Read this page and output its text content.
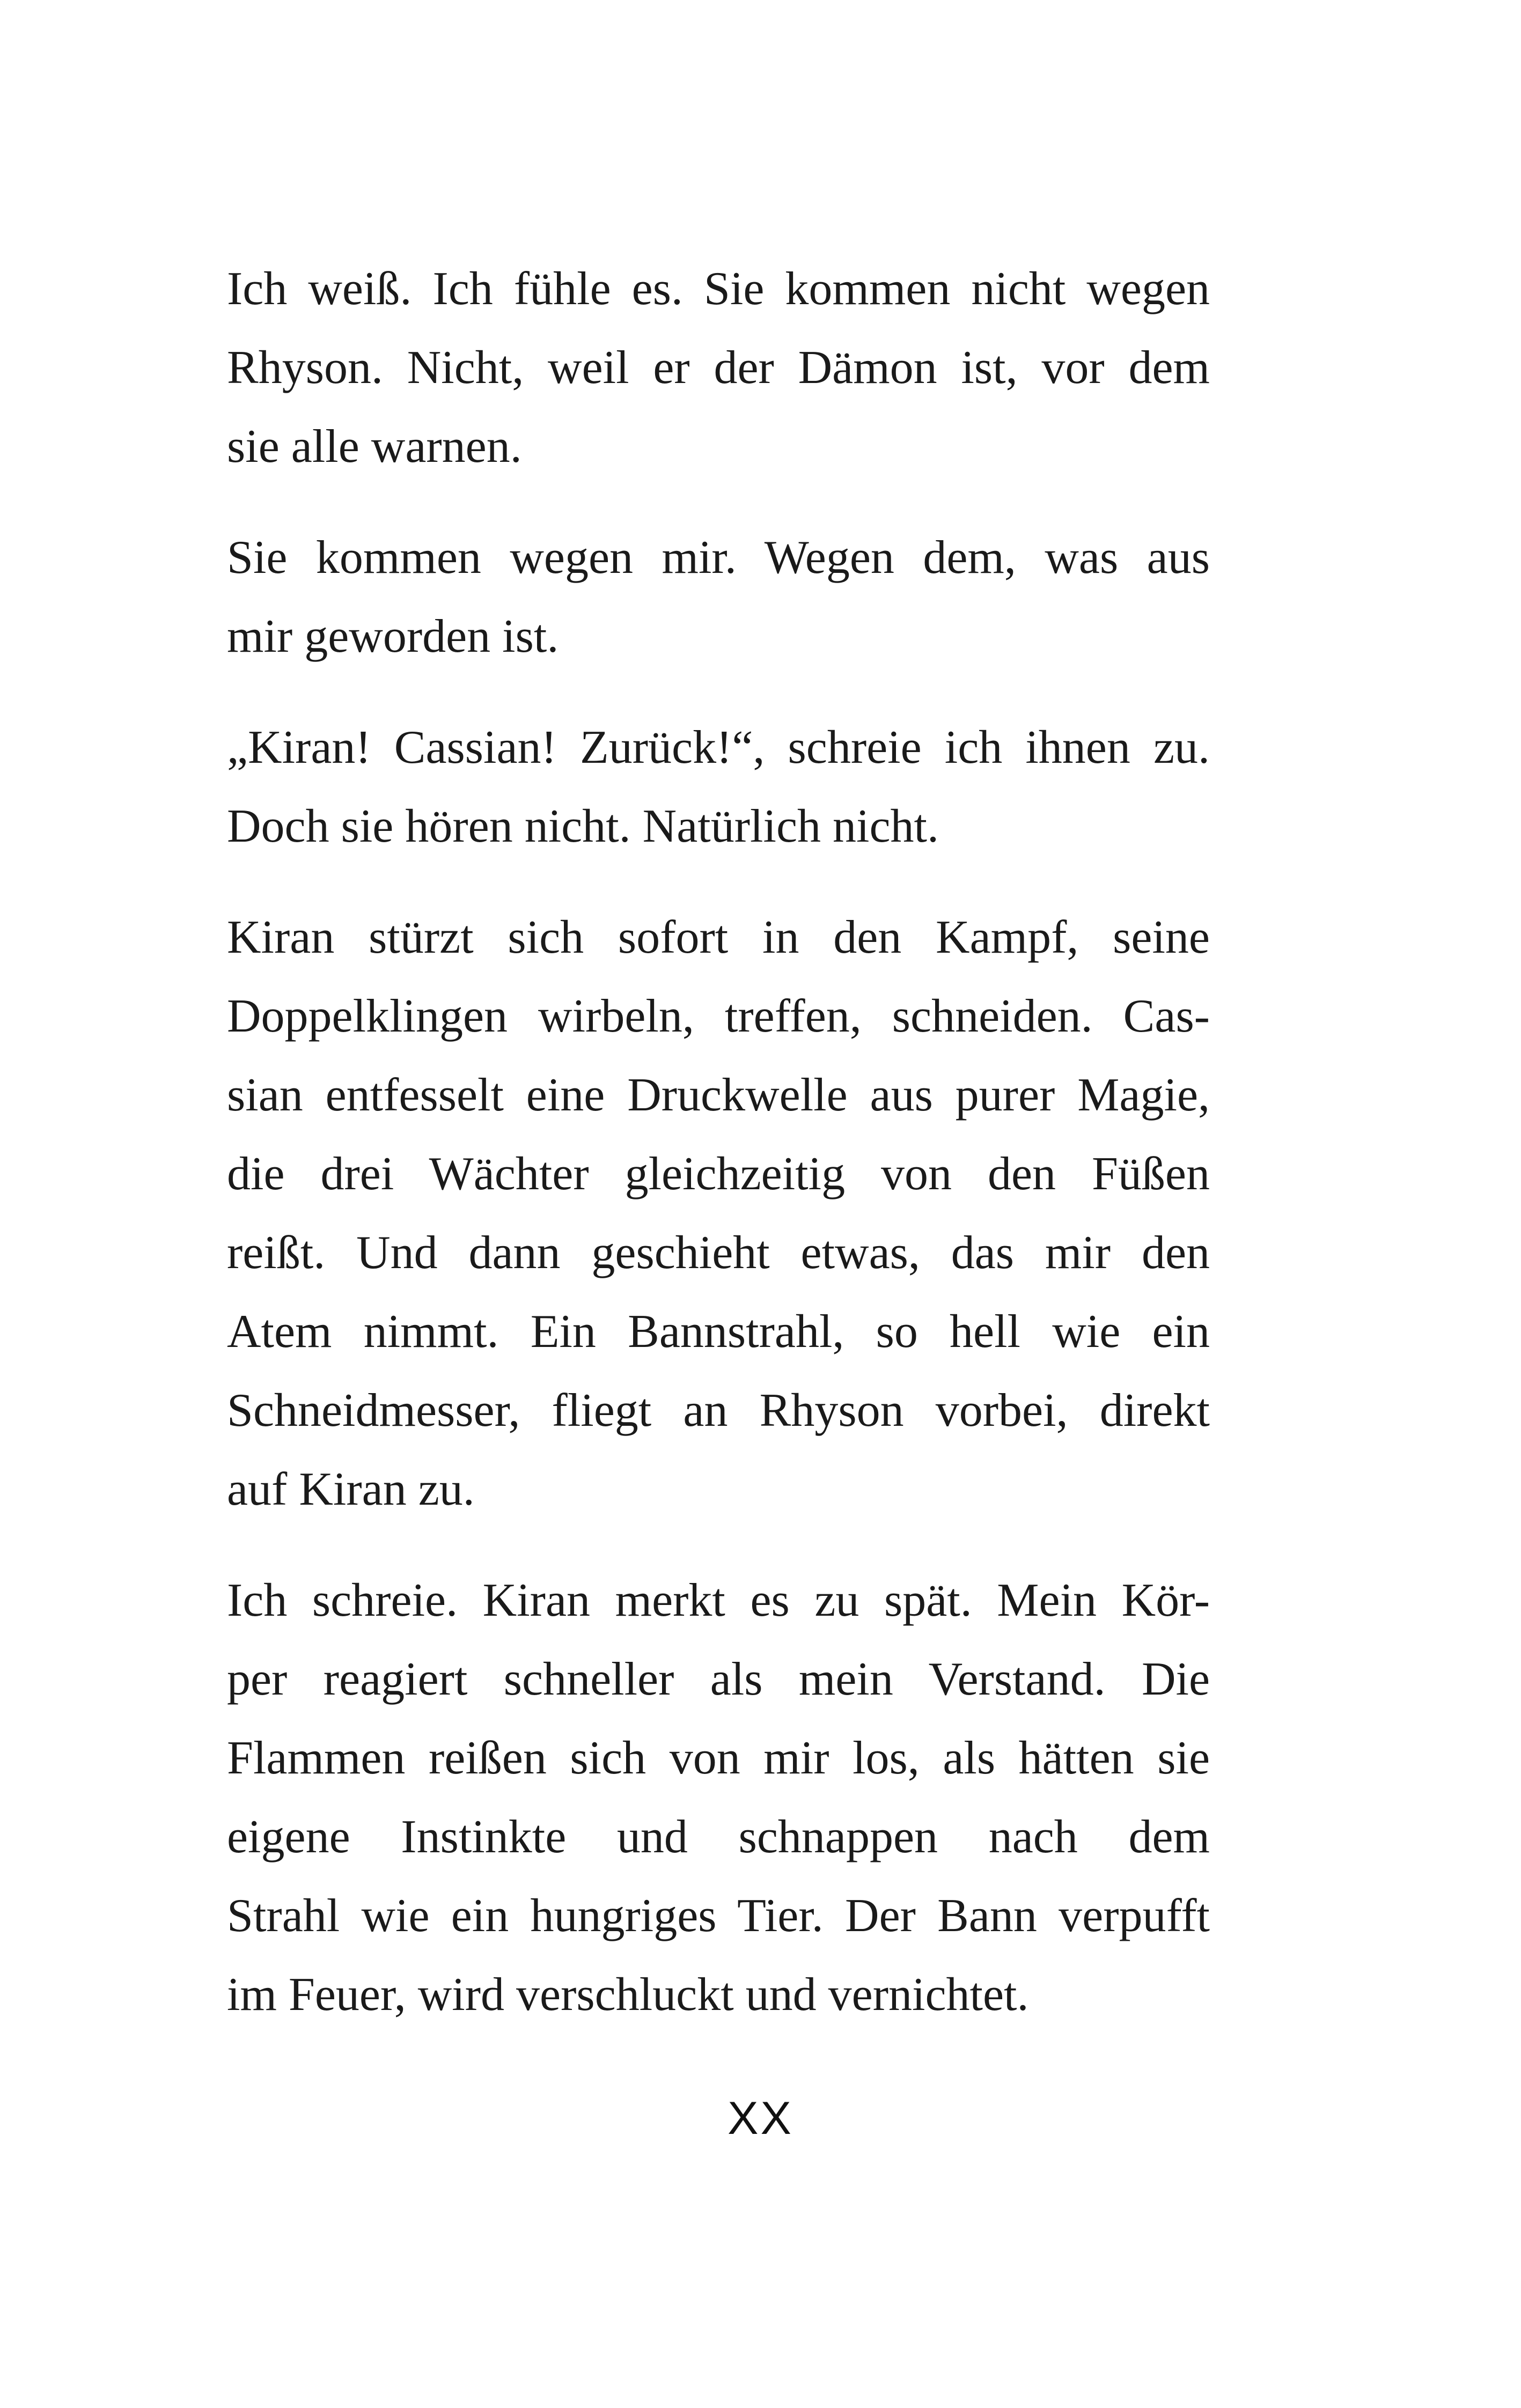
Ich weiß. Ich fühle es. Sie kommen nicht wegen
Rhyson. Nicht, weil er der Dämon ist, vor dem
sie alle warnen.
Sie kommen wegen mir. Wegen dem, was aus
mir geworden ist.
„Kiran! Cassian! Zurück!“, schreie ich ihnen zu.
Doch sie hören nicht. Natürlich nicht.
Kiran stürzt sich sofort in den Kampf, seine
Doppelklingen wirbeln, treffen, schneiden. Cas-
sian entfesselt eine Druckwelle aus purer Magie,
die drei Wächter gleichzeitig von den Füßen
reißt. Und dann geschieht etwas, das mir den
Atem nimmt. Ein Bannstrahl, so hell wie ein
Schneidmesser, fliegt an Rhyson vorbei, direkt
auf Kiran zu.
Ich schreie. Kiran merkt es zu spät. Mein Kör-
per reagiert schneller als mein Verstand. Die
Flammen reißen sich von mir los, als hätten sie
eigene Instinkte und schnappen nach dem
Strahl wie ein hungriges Tier. Der Bann verpufft
im Feuer, wird verschluckt und vernichtet.
XX
